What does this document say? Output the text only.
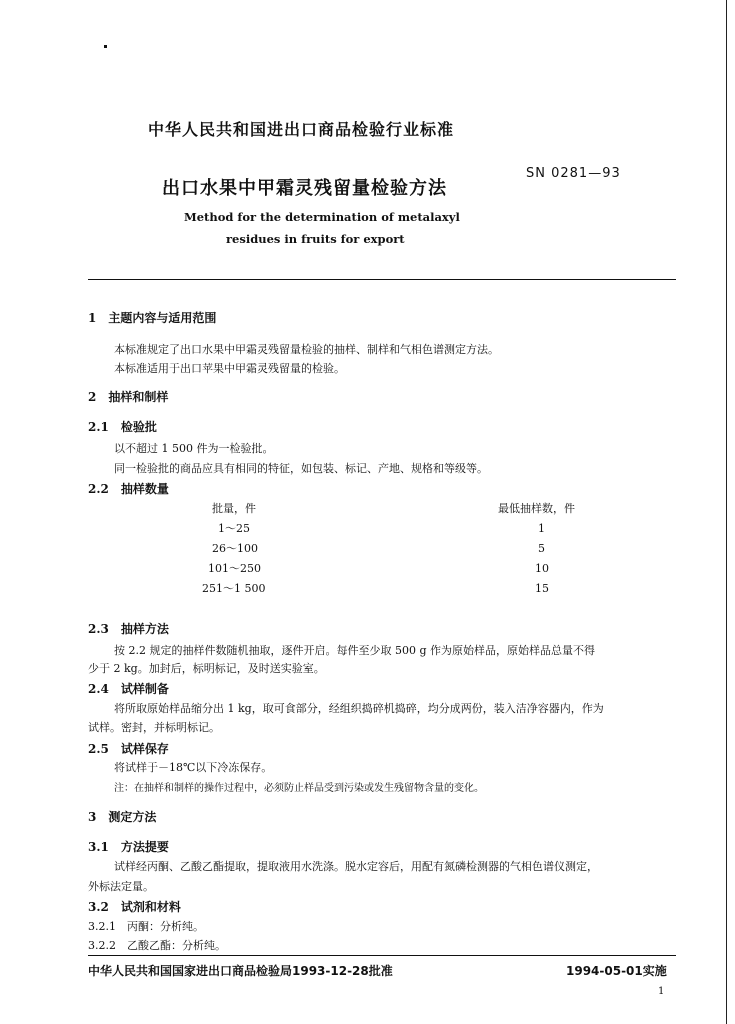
中华人民共和国进出口商品检验行业标准
出口水果中甲霜灵残留量检验方法
SN 0281—93
Method for the determination of metalaxyl
residues in fruits for export
1　主题内容与适用范围
本标准规定了出口水果中甲霜灵残留量检验的抽样、制样和气相色谱测定方法。
本标准适用于出口苹果中甲霜灵残留量的检验。
2　抽样和制样
2.1　检验批
以不超过 1 500 件为一检验批。
同一检验批的商品应具有相同的特征，如包装、标记、产地、规格和等级等。
2.2　抽样数量
批量，件	最低抽样数，件
1～25	1
26～100	5
101～250	10
251～1 500	15
2.3　抽样方法
按 2.2 规定的抽样件数随机抽取，逐件开启。每件至少取 500 g 作为原始样品，原始样品总量不得
少于 2 kg。加封后，标明标记，及时送实验室。
2.4　试样制备
将所取原始样品缩分出 1 kg，取可食部分，经组织捣碎机捣碎，均分成两份，装入洁净容器内，作为
试样。密封，并标明标记。
2.5　试样保存
将试样于－18℃以下冷冻保存。
注：在抽样和制样的操作过程中，必须防止样品受到污染或发生残留物含量的变化。
3　测定方法
3.1　方法提要
试样经丙酮、乙酸乙酯提取，提取液用水洗涤。脱水定容后，用配有氮磷检测器的气相色谱仪测定，
外标法定量。
3.2　试剂和材料
3.2.1　丙酮：分析纯。
3.2.2　乙酸乙酯：分析纯。
中华人民共和国国家进出口商品检验局1993-12-28批准	1994-05-01实施
1
